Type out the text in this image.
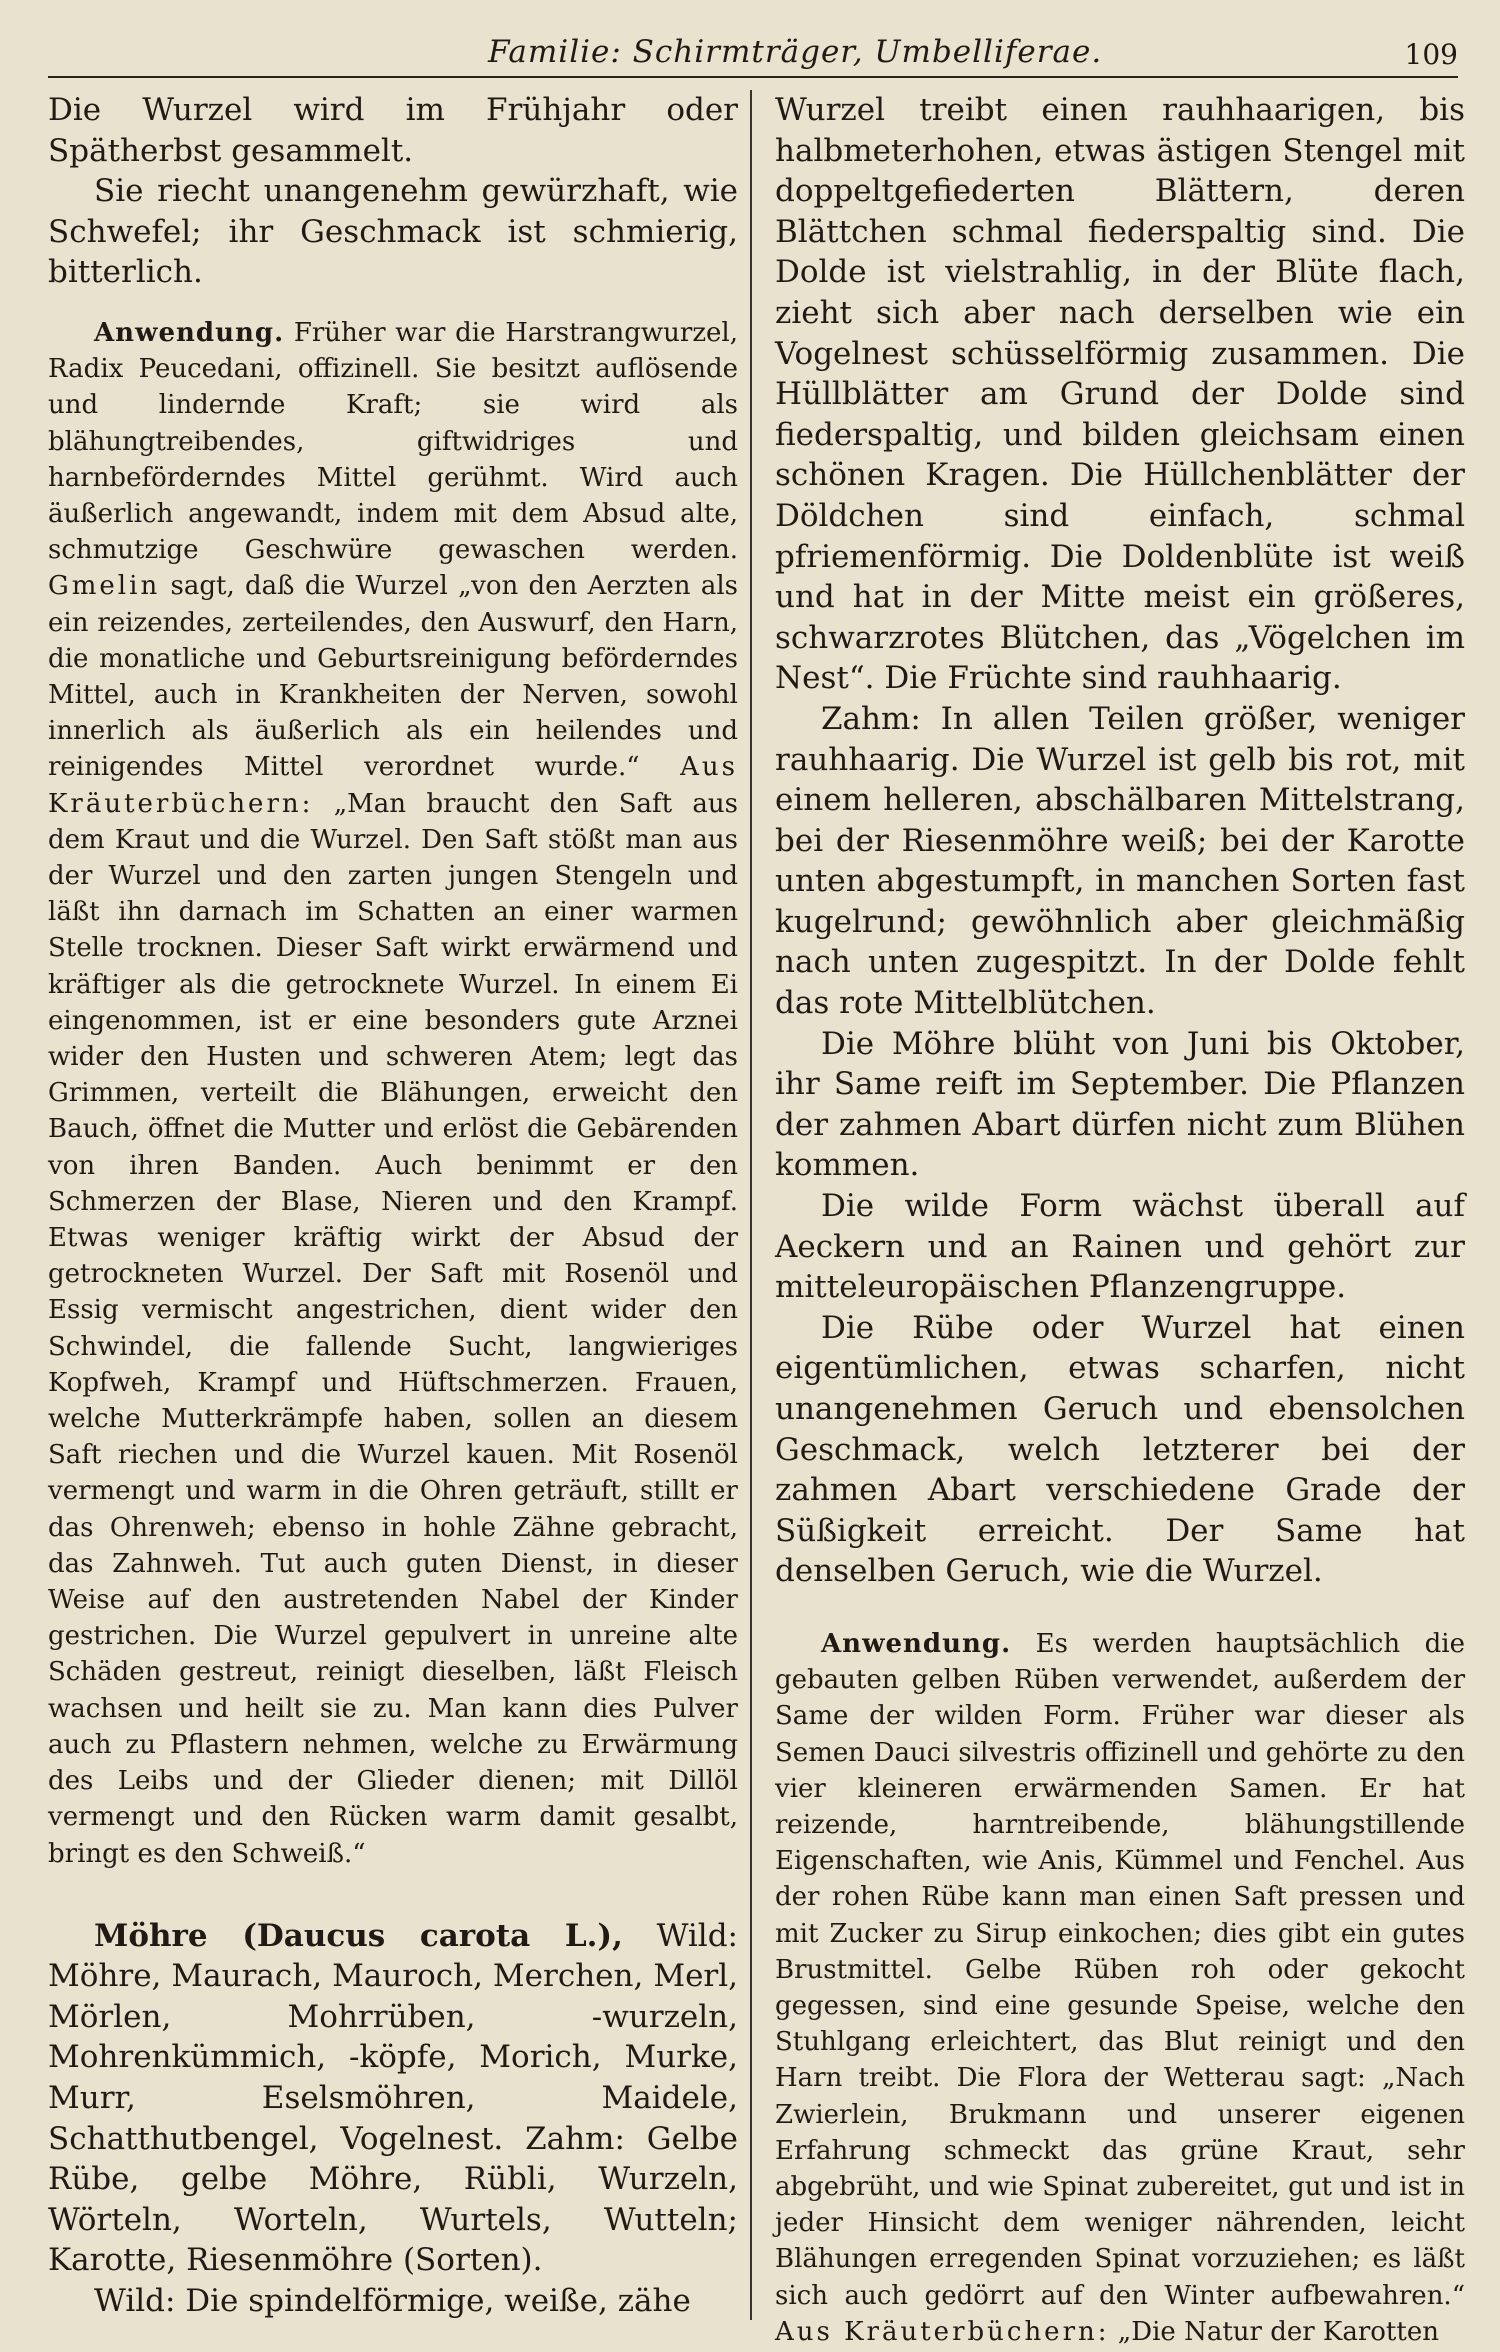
Familie: Schirmträger, Umbelliferae.	109

Die Wurzel wird im Frühjahr oder Spätherbst gesammelt.

Sie riecht unangenehm gewürzhaft, wie Schwefel; ihr Geschmack ist schmierig, bitterlich.

Anwendung. Früher war die Harstrangwurzel, Radix Peucedani, offizinell. Sie besitzt auflösende und lindernde Kraft; sie wird als blähungtreibendes, giftwidriges und harnbeförderndes Mittel gerühmt. Wird auch äußerlich angewandt, indem mit dem Absud alte, schmutzige Geschwüre gewaschen werden. Gmelin sagt, daß die Wurzel „von den Aerzten als ein reizendes, zerteilendes, den Auswurf, den Harn, die monatliche und Geburtsreinigung beförderndes Mittel, auch in Krankheiten der Nerven, sowohl innerlich als äußerlich als ein heilendes und reinigendes Mittel verordnet wurde.“ Aus Kräuterbüchern: „Man braucht den Saft aus dem Kraut und die Wurzel. Den Saft stößt man aus der Wurzel und den zarten jungen Stengeln und läßt ihn darnach im Schatten an einer warmen Stelle trocknen. Dieser Saft wirkt erwärmend und kräftiger als die getrocknete Wurzel. In einem Ei eingenommen, ist er eine besonders gute Arznei wider den Husten und schweren Atem; legt das Grimmen, verteilt die Blähungen, erweicht den Bauch, öffnet die Mutter und erlöst die Gebärenden von ihren Banden. Auch benimmt er den Schmerzen der Blase, Nieren und den Krampf. Etwas weniger kräftig wirkt der Absud der getrockneten Wurzel. Der Saft mit Rosenöl und Essig vermischt angestrichen, dient wider den Schwindel, die fallende Sucht, langwieriges Kopfweh, Krampf und Hüftschmerzen. Frauen, welche Mutterkrämpfe haben, sollen an diesem Saft riechen und die Wurzel kauen. Mit Rosenöl vermengt und warm in die Ohren geträuft, stillt er das Ohrenweh; ebenso in hohle Zähne gebracht, das Zahnweh. Tut auch guten Dienst, in dieser Weise auf den austretenden Nabel der Kinder gestrichen. Die Wurzel gepulvert in unreine alte Schäden gestreut, reinigt dieselben, läßt Fleisch wachsen und heilt sie zu. Man kann dies Pulver auch zu Pflastern nehmen, welche zu Erwärmung des Leibs und der Glieder dienen; mit Dillöl vermengt und den Rücken warm damit gesalbt, bringt es den Schweiß.“

Möhre (Daucus carota L.), Wild: Möhre, Maurach, Mauroch, Merchen, Merl, Mörlen, Mohrrüben, -wurzeln, Mohrenkümmich, -köpfe, Morich, Murke, Murr, Eselsmöhren, Maidele, Schatthutbengel, Vogelnest. Zahm: Gelbe Rübe, gelbe Möhre, Rübli, Wurzeln, Wörteln, Worteln, Wurtels, Wutteln; Karotte, Riesenmöhre (Sorten).

Wild: Die spindelförmige, weiße, zähe

Wurzel treibt einen rauhhaarigen, bis halbmeterhohen, etwas ästigen Stengel mit doppeltgefiederten Blättern, deren Blättchen schmal fiederspaltig sind. Die Dolde ist vielstrahlig, in der Blüte flach, zieht sich aber nach derselben wie ein Vogelnest schüsselförmig zusammen. Die Hüllblätter am Grund der Dolde sind fiederspaltig, und bilden gleichsam einen schönen Kragen. Die Hüllchenblätter der Döldchen sind einfach, schmal pfriemenförmig. Die Doldenblüte ist weiß und hat in der Mitte meist ein größeres, schwarzrotes Blütchen, das „Vögelchen im Nest“. Die Früchte sind rauhhaarig.

Zahm: In allen Teilen größer, weniger rauhhaarig. Die Wurzel ist gelb bis rot, mit einem helleren, abschälbaren Mittelstrang, bei der Riesenmöhre weiß; bei der Karotte unten abgestumpft, in manchen Sorten fast kugelrund; gewöhnlich aber gleichmäßig nach unten zugespitzt. In der Dolde fehlt das rote Mittelblütchen.

Die Möhre blüht von Juni bis Oktober, ihr Same reift im September. Die Pflanzen der zahmen Abart dürfen nicht zum Blühen kommen.

Die wilde Form wächst überall auf Aeckern und an Rainen und gehört zur mitteleuropäischen Pflanzengruppe.

Die Rübe oder Wurzel hat einen eigentümlichen, etwas scharfen, nicht unangenehmen Geruch und ebensolchen Geschmack, welch letzterer bei der zahmen Abart verschiedene Grade der Süßigkeit erreicht. Der Same hat denselben Geruch, wie die Wurzel.

Anwendung. Es werden hauptsächlich die gebauten gelben Rüben verwendet, außerdem der Same der wilden Form. Früher war dieser als Semen Dauci silvestris offizinell und gehörte zu den vier kleineren erwärmenden Samen. Er hat reizende, harntreibende, blähungstillende Eigenschaften, wie Anis, Kümmel und Fenchel. Aus der rohen Rübe kann man einen Saft pressen und mit Zucker zu Sirup einkochen; dies gibt ein gutes Brustmittel. Gelbe Rüben roh oder gekocht gegessen, sind eine gesunde Speise, welche den Stuhlgang erleichtert, das Blut reinigt und den Harn treibt. Die Flora der Wetterau sagt: „Nach Zwierlein, Brukmann und unserer eigenen Erfahrung schmeckt das grüne Kraut, sehr abgebrüht, und wie Spinat zubereitet, gut und ist in jeder Hinsicht dem weniger nährenden, leicht Blähungen erregenden Spinat vorzuziehen; es läßt sich auch gedörrt auf den Winter aufbewahren.“ Aus Kräuterbüchern: „Die Natur der Karotten
